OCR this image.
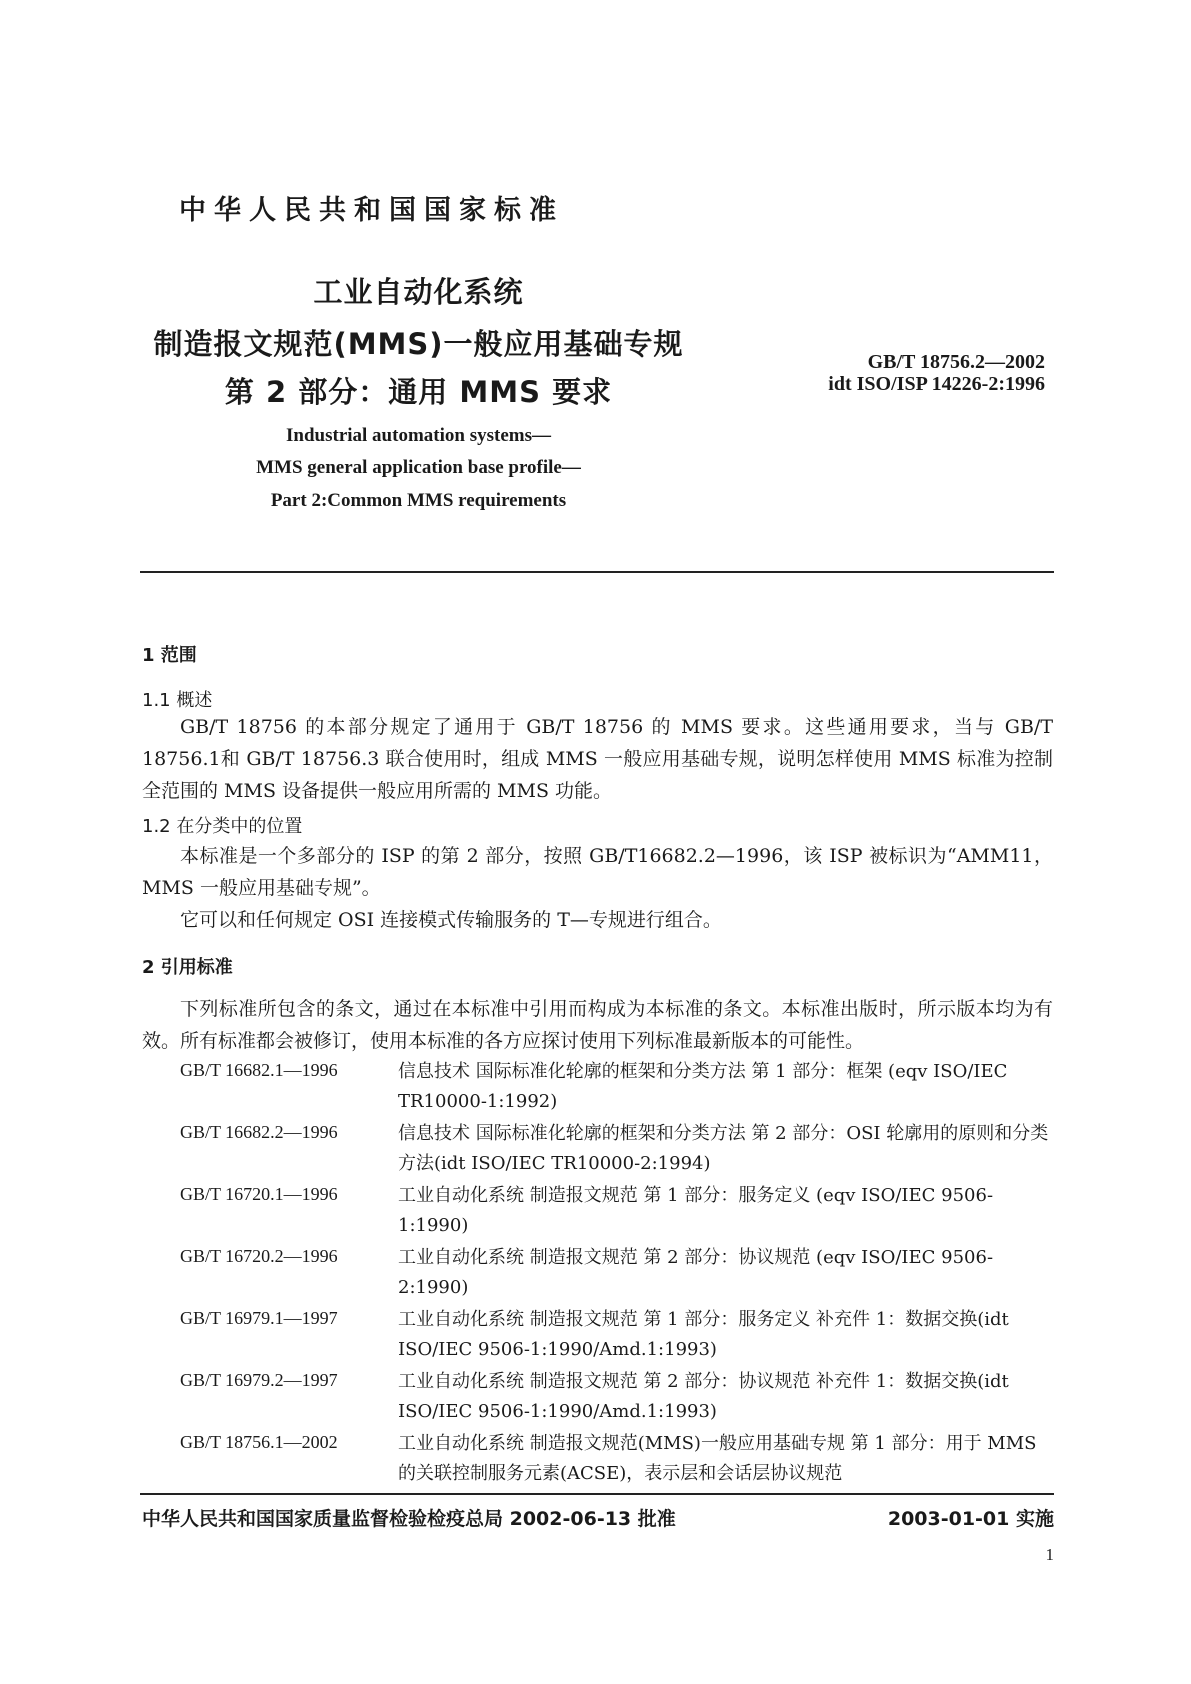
中华人民共和国国家标准
工业自动化系统
制造报文规范(MMS)一般应用基础专规
第 2 部分：通用 MMS 要求
GB/T 18756.2—2002
idt ISO/ISP 14226-2:1996
Industrial automation systems—
MMS general application base profile—
Part 2:Common MMS requirements
1 范围
1.1 概述
GB/T 18756 的本部分规定了通用于 GB/T 18756 的 MMS 要求。这些通用要求，当与 GB/T 18756.1和 GB/T 18756.3 联合使用时，组成 MMS 一般应用基础专规，说明怎样使用 MMS 标准为控制全范围的 MMS 设备提供一般应用所需的 MMS 功能。
1.2 在分类中的位置
本标准是一个多部分的 ISP 的第 2 部分，按照 GB/T16682.2—1996，该 ISP 被标识为“AMM11，MMS 一般应用基础专规”。
它可以和任何规定 OSI 连接模式传输服务的 T—专规进行组合。
2 引用标准
下列标准所包含的条文，通过在本标准中引用而构成为本标准的条文。本标准出版时，所示版本均为有效。所有标准都会被修订，使用本标准的各方应探讨使用下列标准最新版本的可能性。
GB/T 16682.1—1996	信息技术 国际标准化轮廓的框架和分类方法 第 1 部分：框架 (eqv ISO/IEC TR10000-1:1992)
GB/T 16682.2—1996	信息技术 国际标准化轮廓的框架和分类方法 第 2 部分：OSI 轮廓用的原则和分类方法(idt ISO/IEC TR10000-2:1994)
GB/T 16720.1—1996	工业自动化系统 制造报文规范 第 1 部分：服务定义 (eqv ISO/IEC 9506-1:1990)
GB/T 16720.2—1996	工业自动化系统 制造报文规范 第 2 部分：协议规范 (eqv ISO/IEC 9506-2:1990)
GB/T 16979.1—1997	工业自动化系统 制造报文规范 第 1 部分：服务定义 补充件 1：数据交换(idt ISO/IEC 9506-1:1990/Amd.1:1993)
GB/T 16979.2—1997	工业自动化系统 制造报文规范 第 2 部分：协议规范 补充件 1：数据交换(idt ISO/IEC 9506-1:1990/Amd.1:1993)
GB/T 18756.1—2002	工业自动化系统 制造报文规范(MMS)一般应用基础专规 第 1 部分：用于 MMS 的关联控制服务元素(ACSE)，表示层和会话层协议规范
中华人民共和国国家质量监督检验检疫总局 2002-06-13 批准	2003-01-01 实施
1
